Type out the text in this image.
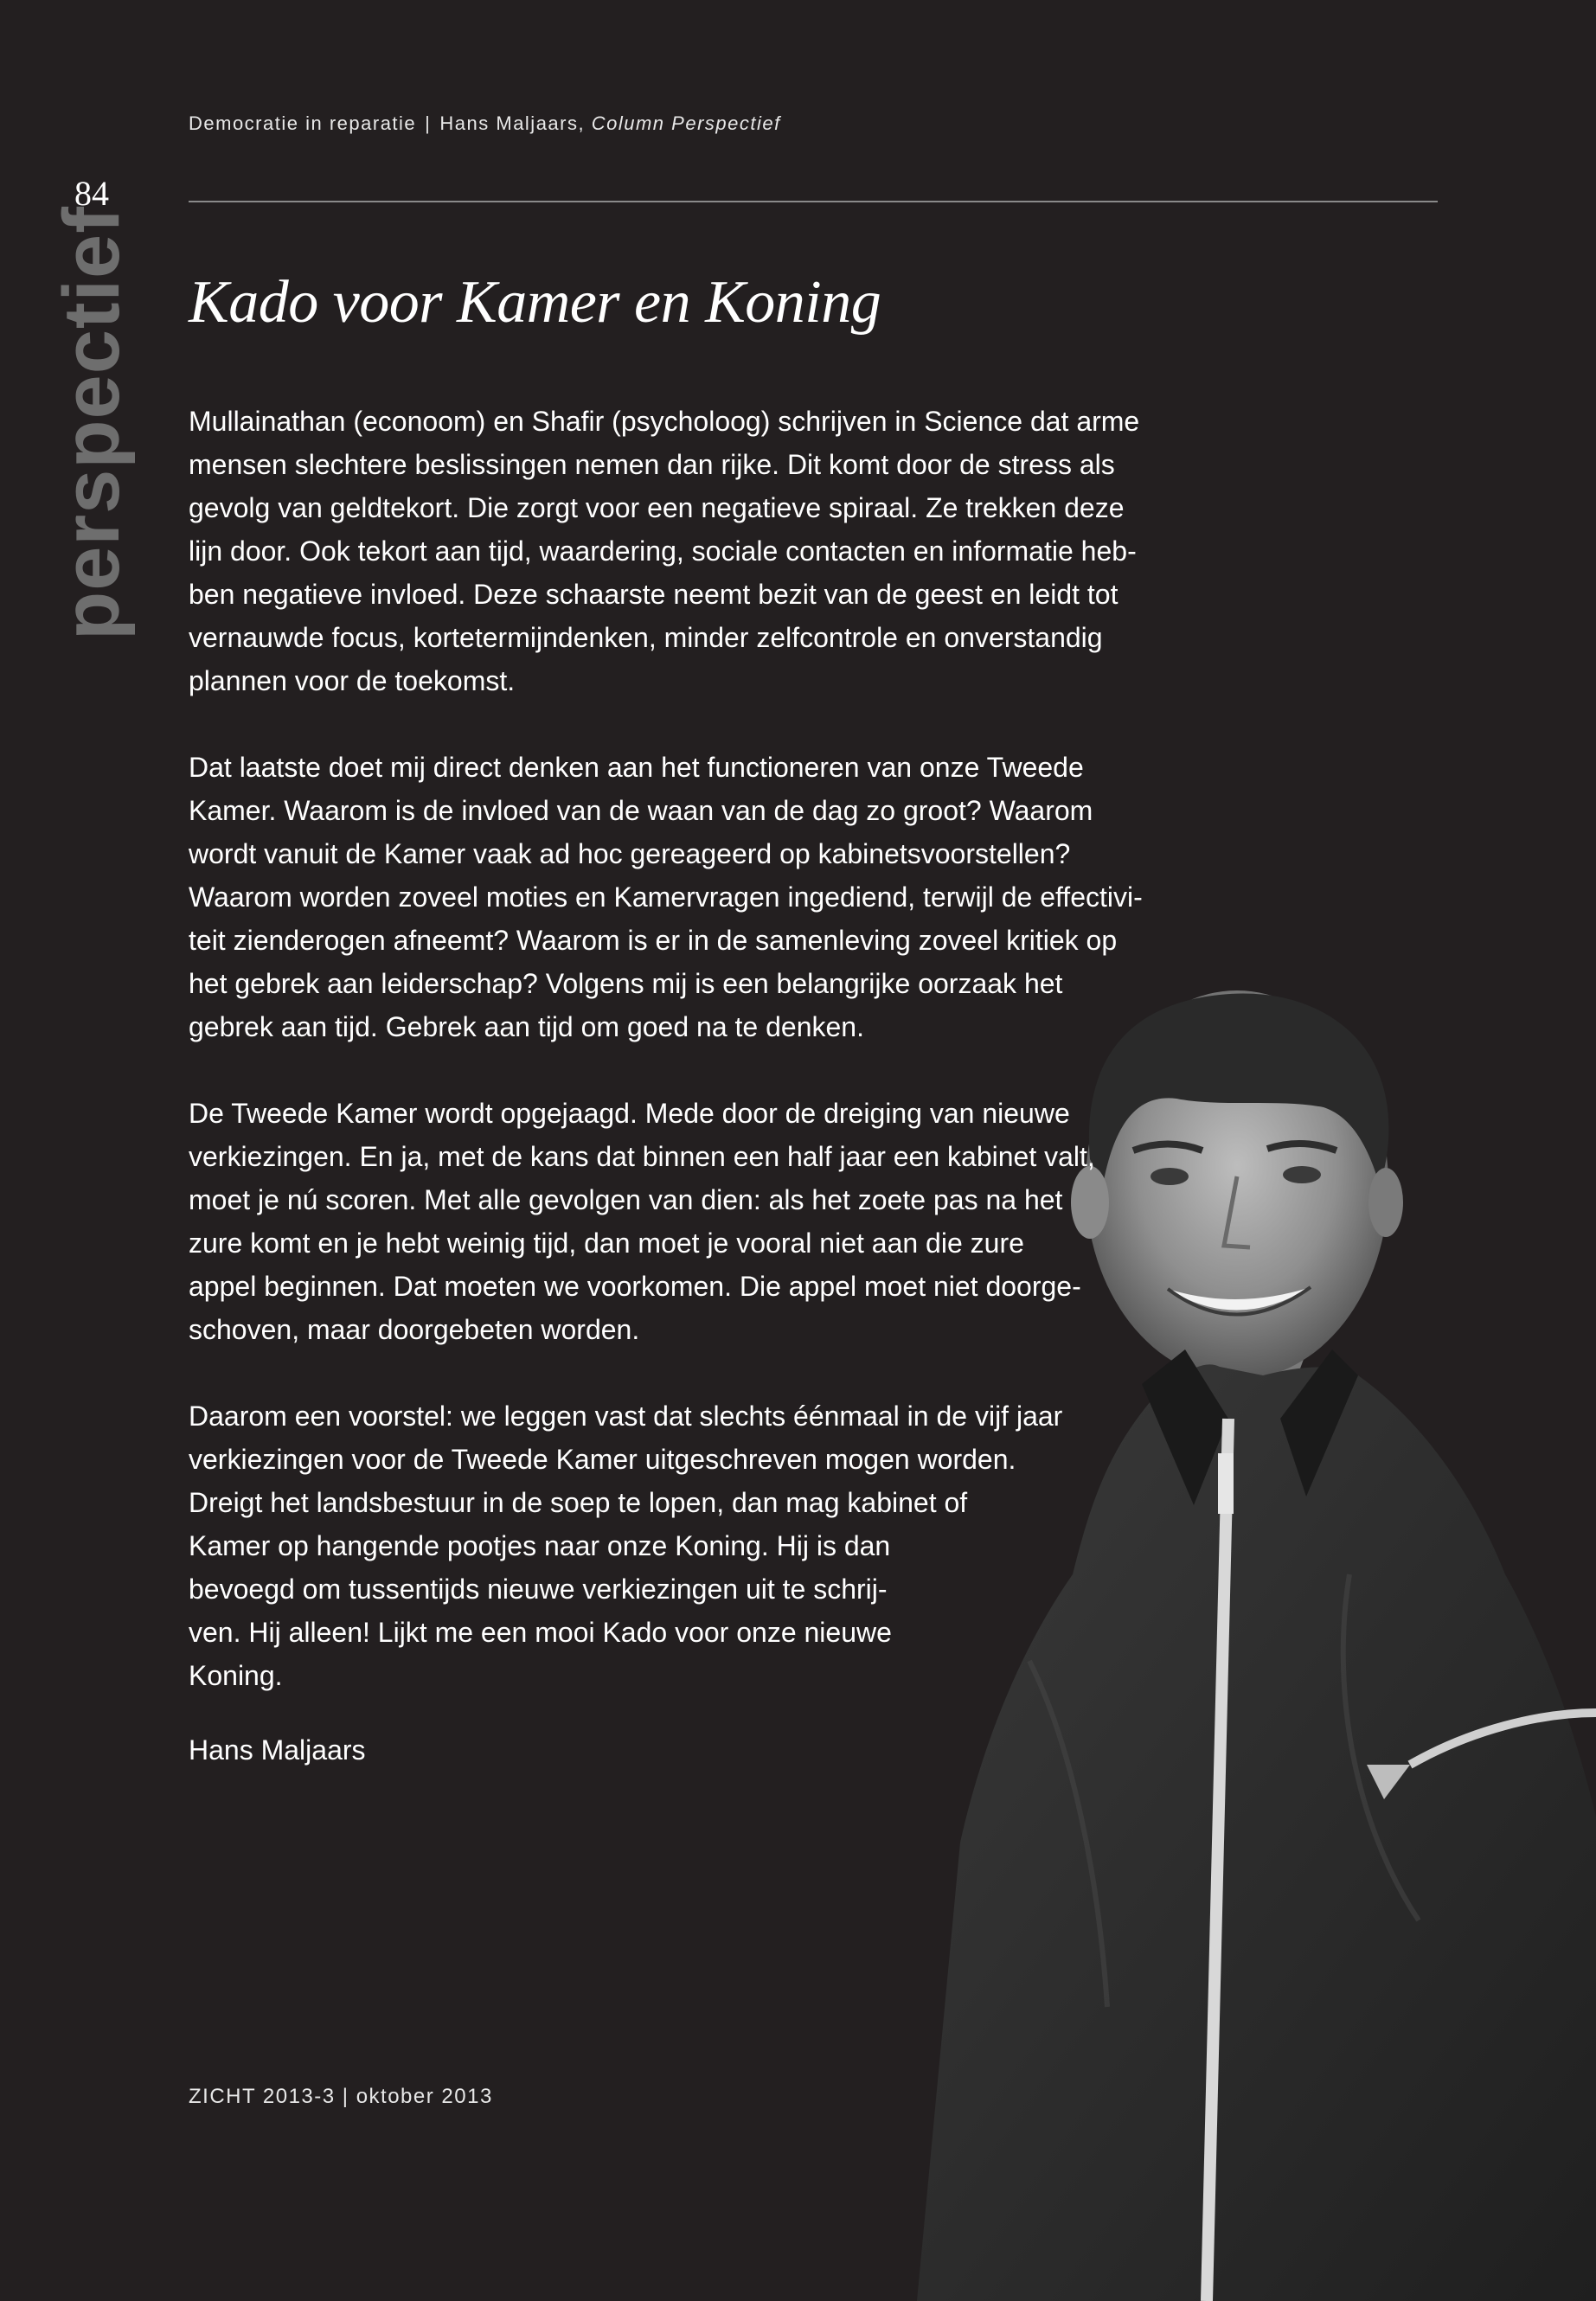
Democratie in reparatie | Hans Maljaars, Column Perspectief
84
perspectief Kado voor Kamer en Koning

Mullainathan (econoom) en Shafir (psycholoog) schrijven in Science dat arme
mensen slechtere beslissingen nemen dan rijke. Dit komt door de stress als
gevolg van geldtekort. Die zorgt voor een negatieve spiraal. Ze trekken deze
lijn door. Ook tekort aan tijd, waardering, sociale contacten en informatie heb-
ben negatieve invloed. Deze schaarste neemt bezit van de geest en leidt tot
vernauwde focus, kortetermijndenken, minder zelfcontrole en onverstandig
plannen voor de toekomst.

Dat laatste doet mij direct denken aan het functioneren van onze Tweede
Kamer. Waarom is de invloed van de waan van de dag zo groot? Waarom
wordt vanuit de Kamer vaak ad hoc gereageerd op kabinetsvoorstellen?
Waarom worden zoveel moties en Kamervragen ingediend, terwijl de effectivi-
teit zienderogen afneemt? Waarom is er in de samenleving zoveel kritiek op
het gebrek aan leiderschap? Volgens mij is een belangrijke oorzaak het
gebrek aan tijd. Gebrek aan tijd om goed na te denken.

De Tweede Kamer wordt opgejaagd. Mede door de dreiging van nieuwe
verkiezingen. En ja, met de kans dat binnen een half jaar een kabinet valt,
moet je nú scoren. Met alle gevolgen van dien: als het zoete pas na het
zure komt en je hebt weinig tijd, dan moet je vooral niet aan die zure
appel beginnen. Dat moeten we voorkomen. Die appel moet niet doorge-
schoven, maar doorgebeten worden.

Daarom een voorstel: we leggen vast dat slechts éénmaal in de vijf jaar
verkiezingen voor de Tweede Kamer uitgeschreven mogen worden.
Dreigt het landsbestuur in de soep te lopen, dan mag kabinet of
Kamer op hangende pootjes naar onze Koning. Hij is dan
bevoegd om tussentijds nieuwe verkiezingen uit te schrij-
ven. Hij alleen! Lijkt me een mooi Kado voor onze nieuwe
Koning.

Hans Maljaars
ZICHT 2013-3 | oktober 2013
